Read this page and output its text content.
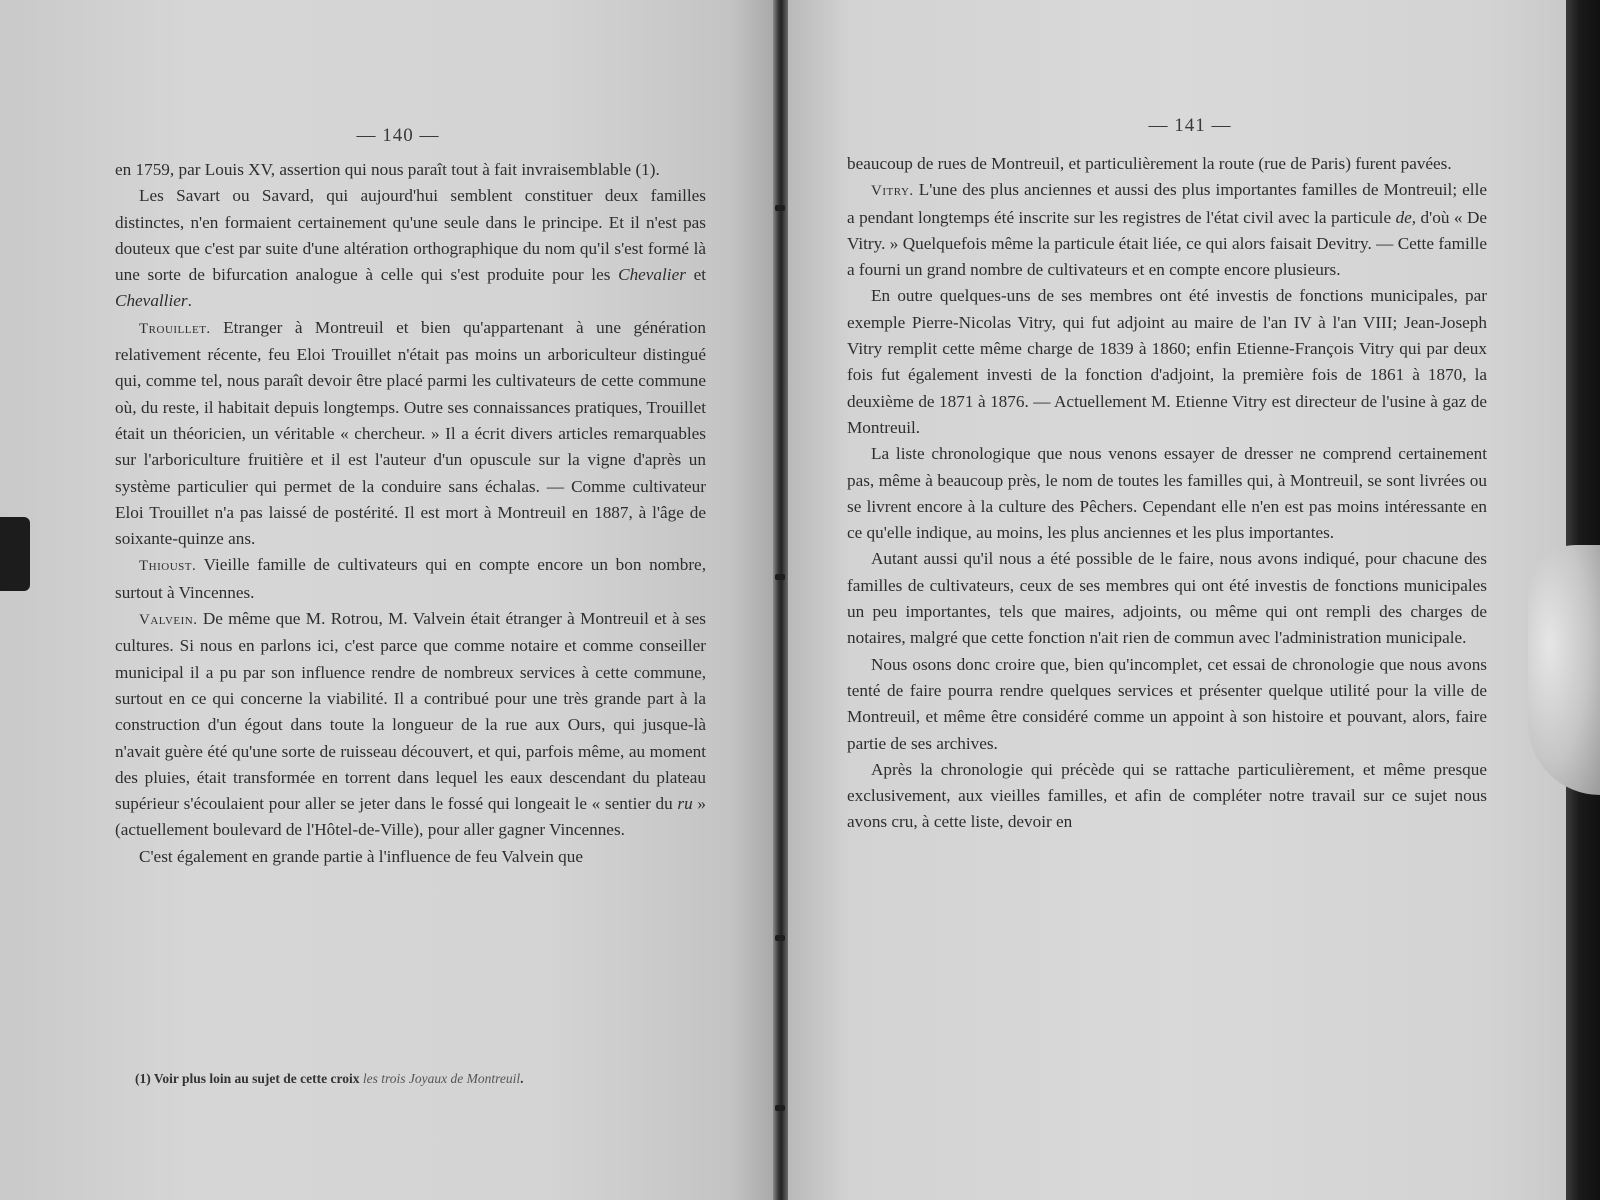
— 140 —

en 1759, par Louis XV, assertion qui nous paraît tout à fait invraisemblable (1).

Les Savart ou Savard, qui aujourd'hui semblent constituer deux familles distinctes, n'en formaient certainement qu'une seule dans le principe. Et il n'est pas douteux que c'est par suite d'une altération orthographique du nom qu'il s'est formé là une sorte de bifurcation analogue à celle qui s'est produite pour les Chevalier et Chevallier.

Trouillet. Etranger à Montreuil et bien qu'appartenant à une génération relativement récente, feu Eloi Trouillet n'était pas moins un arboriculteur distingué qui, comme tel, nous paraît devoir être placé parmi les cultivateurs de cette commune où, du reste, il habitait depuis longtemps. Outre ses connaissances pratiques, Trouillet était un théoricien, un véritable « chercheur. » Il a écrit divers articles remarquables sur l'arboriculture fruitière et il est l'auteur d'un opuscule sur la vigne d'après un système particulier qui permet de la conduire sans échalas. — Comme cultivateur Eloi Trouillet n'a pas laissé de postérité. Il est mort à Montreuil en 1887, à l'âge de soixante-quinze ans.

Thioust. Vieille famille de cultivateurs qui en compte encore un bon nombre, surtout à Vincennes.

Valvein. De même que M. Rotrou, M. Valvein était étranger à Montreuil et à ses cultures. Si nous en parlons ici, c'est parce que comme notaire et comme conseiller municipal il a pu par son influence rendre de nombreux services à cette commune, surtout en ce qui concerne la viabilité. Il a contribué pour une très grande part à la construction d'un égout dans toute la longueur de la rue aux Ours, qui jusque-là n'avait guère été qu'une sorte de ruisseau découvert, et qui, parfois même, au moment des pluies, était transformée en torrent dans lequel les eaux descendant du plateau supérieur s'écoulaient pour aller se jeter dans le fossé qui longeait le « sentier du ru » (actuellement boulevard de l'Hôtel-de-Ville), pour aller gagner Vincennes.

C'est également en grande partie à l'influence de feu Valvein que

(1) Voir plus loin au sujet de cette croix les trois Joyaux de Montreuil.
— 141 —

beaucoup de rues de Montreuil, et particulièrement la route (rue de Paris) furent pavées.

Vitry. L'une des plus anciennes et aussi des plus importantes familles de Montreuil; elle a pendant longtemps été inscrite sur les registres de l'état civil avec la particule de, d'où « De Vitry. » Quelquefois même la particule était liée, ce qui alors faisait Devitry. — Cette famille a fourni un grand nombre de cultivateurs et en compte encore plusieurs.

En outre quelques-uns de ses membres ont été investis de fonctions municipales, par exemple Pierre-Nicolas Vitry, qui fut adjoint au maire de l'an IV à l'an VIII; Jean-Joseph Vitry remplit cette même charge de 1839 à 1860; enfin Etienne-François Vitry qui par deux fois fut également investi de la fonction d'adjoint, la première fois de 1861 à 1870, la deuxième de 1871 à 1876. — Actuellement M. Etienne Vitry est directeur de l'usine à gaz de Montreuil.

La liste chronologique que nous venons essayer de dresser ne comprend certainement pas, même à beaucoup près, le nom de toutes les familles qui, à Montreuil, se sont livrées ou se livrent encore à la culture des Pêchers. Cependant elle n'en est pas moins intéressante en ce qu'elle indique, au moins, les plus anciennes et les plus importantes.

Autant aussi qu'il nous a été possible de le faire, nous avons indiqué, pour chacune des familles de cultivateurs, ceux de ses membres qui ont été investis de fonctions municipales un peu importantes, tels que maires, adjoints, ou même qui ont rempli des charges de notaires, malgré que cette fonction n'ait rien de commun avec l'administration municipale.

Nous osons donc croire que, bien qu'incomplet, cet essai de chronologie que nous avons tenté de faire pourra rendre quelques services et présenter quelque utilité pour la ville de Montreuil, et même être considéré comme un appoint à son histoire et pouvant, alors, faire partie de ses archives.

Après la chronologie qui précède qui se rattache particulièrement, et même presque exclusivement, aux vieilles familles, et afin de compléter notre travail sur ce sujet nous avons cru, à cette liste, devoir en
